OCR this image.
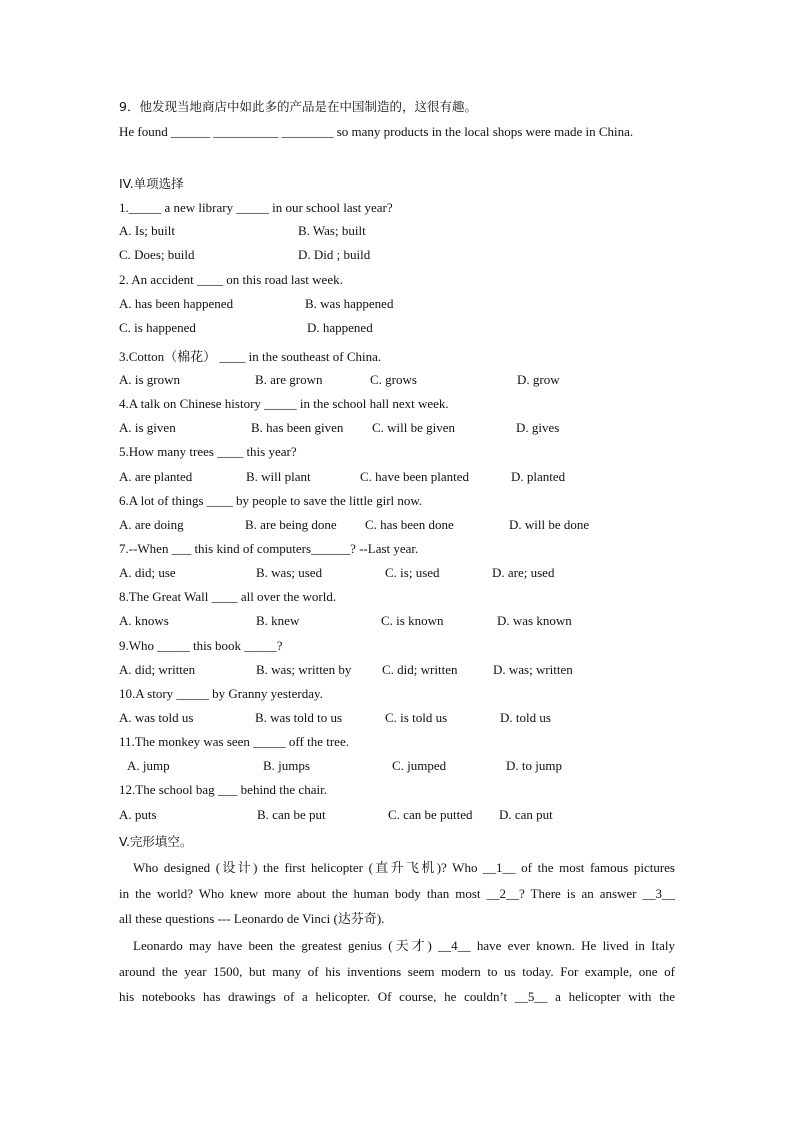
9．他发现当地商店中如此多的产品是在中国制造的，这很有趣。
He found ______ __________ ________ so many products in the local shops were made in China.
IV.单项选择
1._____ a new library _____ in our school last year?
A. Is; built	B. Was; built
C. Does; build	D. Did ; build
2. An accident ____ on this road last week.
A. has been happened	B. was happened
C. is happened	D. happened
3.Cotton（棉花） ____ in the southeast of China.
A. is grown	B. are grown	C. grows	D. grow
4.A talk on Chinese history _____ in the school hall next week.
A. is given	B. has been given C. will be given	D. gives
5.How many trees ____ this year?
A. are planted	B. will plant	C. have been planted	D. planted
6.A lot of things ____ by people to save the little girl now.
A. are doing	B. are being done C. has been done	D. will be done
7.--When ___ this kind of computers______? --Last year.
A. did; use	B. was; used	C. is; used	D. are; used
8.The Great Wall ____ all over the world.
A. knows	B. knew	C. is known	D. was known
9.Who _____ this book _____?
A. did; written	B. was; written by C. did; written	D. was; written
10.A story _____ by Granny yesterday.
A. was told us	B. was told to us	C. is told us	D. told us
11.The monkey was seen _____ off the tree.
A. jump	B. jumps	C. jumped	D. to jump
12.The school bag ___ behind the chair.
A. puts	B. can be put	C. can be putted D. can put
V.完形填空。
Who designed (设计) the first helicopter (直升飞机)? Who __1__ of the most famous pictures
in the world? Who knew more about the human body than most __2__? There is an answer __3__
all these questions --- Leonardo de Vinci (达芬奇).
Leonardo may have been the greatest genius (天才) __4__ have ever known. He lived in Italy
around the year 1500, but many of his inventions seem modern to us today. For example, one of
his notebooks has drawings of a helicopter. Of course, he couldn’t __5__ a helicopter with the
